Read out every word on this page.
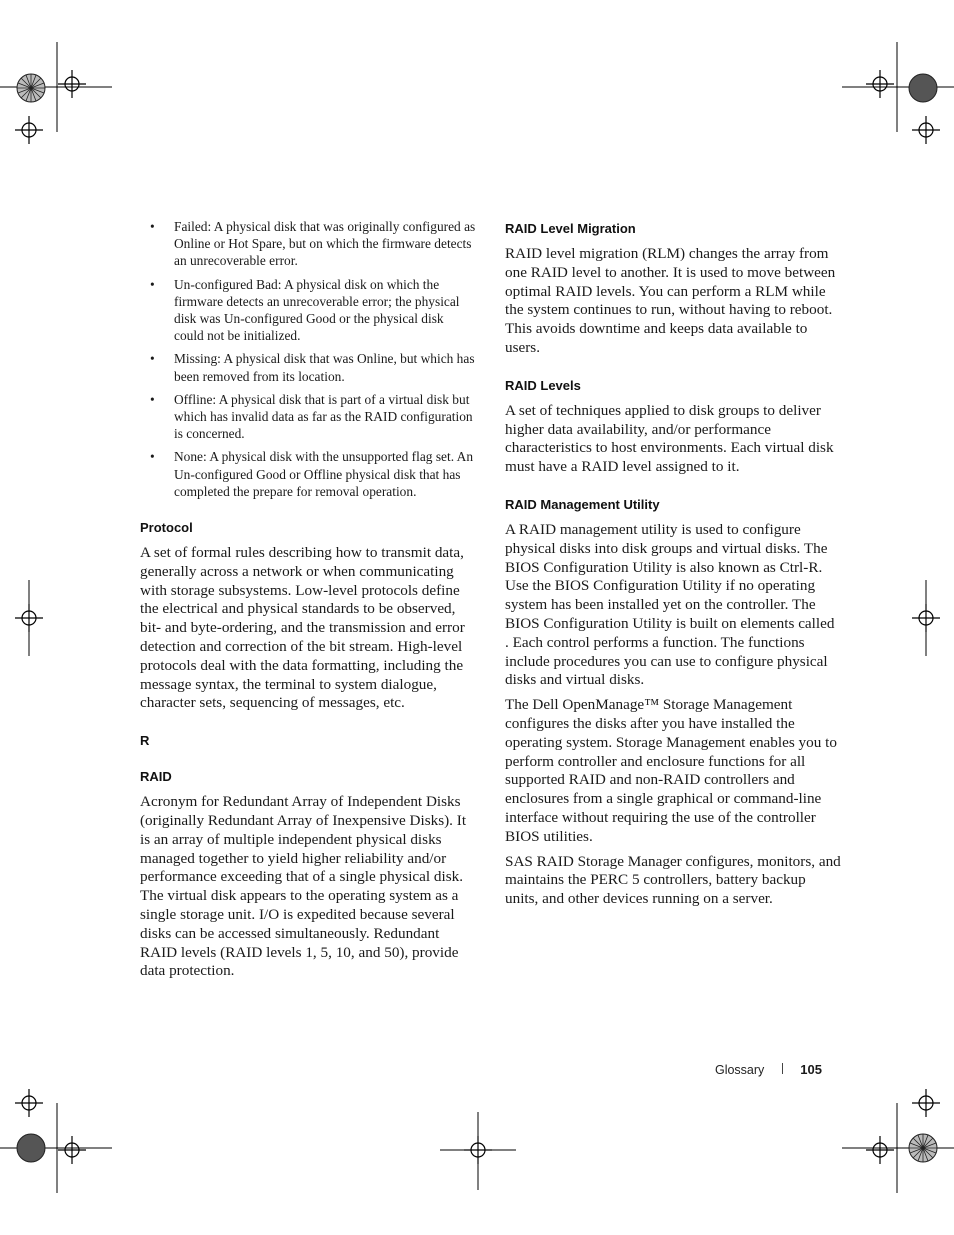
• Failed: A physical disk that was originally configured as Online or Hot Spare, but on which the firmware detects an unrecoverable error.
• Un-configured Bad: A physical disk on which the firmware detects an unrecoverable error; the physical disk was Un-configured Good or the physical disk could not be initialized.
• Missing: A physical disk that was Online, but which has been removed from its location.
• Offline: A physical disk that is part of a virtual disk but which has invalid data as far as the RAID configuration is concerned.
• None: A physical disk with the unsupported flag set. An Un-configured Good or Offline physical disk that has completed the prepare for removal operation.
Protocol

A set of formal rules describing how to transmit data, generally across a network or when communicating with storage subsystems. Low-level protocols define the electrical and physical standards to be observed, bit- and byte-ordering, and the transmission and error detection and correction of the bit stream. High-level protocols deal with the data formatting, including the message syntax, the terminal to system dialogue, character sets, sequencing of messages, etc.

R
RAID

Acronym for Redundant Array of Independent Disks (originally Redundant Array of Inexpensive Disks). It is an array of multiple independent physical disks managed together to yield higher reliability and/or performance exceeding that of a single physical disk. The virtual disk appears to the operating system as a single storage unit. I/O is expedited because several disks can be accessed simultaneously. Redundant RAID levels (RAID levels 1, 5, 10, and 50), provide data protection.

RAID Level Migration

RAID level migration (RLM) changes the array from one RAID level to another. It is used to move between optimal RAID levels. You can perform a RLM while the system continues to run, without having to reboot. This avoids downtime and keeps data available to users.

RAID Levels

A set of techniques applied to disk groups to deliver higher data availability, and/or performance characteristics to host environments. Each virtual disk must have a RAID level assigned to it.

RAID Management Utility

A RAID management utility is used to configure physical disks into disk groups and virtual disks. The BIOS Configuration Utility is also known as Ctrl-R. Use the BIOS Configuration Utility if no operating system has been installed yet on the controller. The BIOS Configuration Utility is built on elements called              . Each control performs a function. The functions include procedures you can use to configure physical disks and virtual disks.

The Dell OpenManage™ Storage Management configures the disks after you have installed the operating system. Storage Management enables you to perform controller and enclosure functions for all supported RAID and non-RAID controllers and enclosures from a single graphical or command-line interface without requiring the use of the controller BIOS utilities.

SAS RAID Storage Manager configures, monitors, and maintains the PERC 5 controllers, battery backup units, and other devices running on a server.

Glossary	105
